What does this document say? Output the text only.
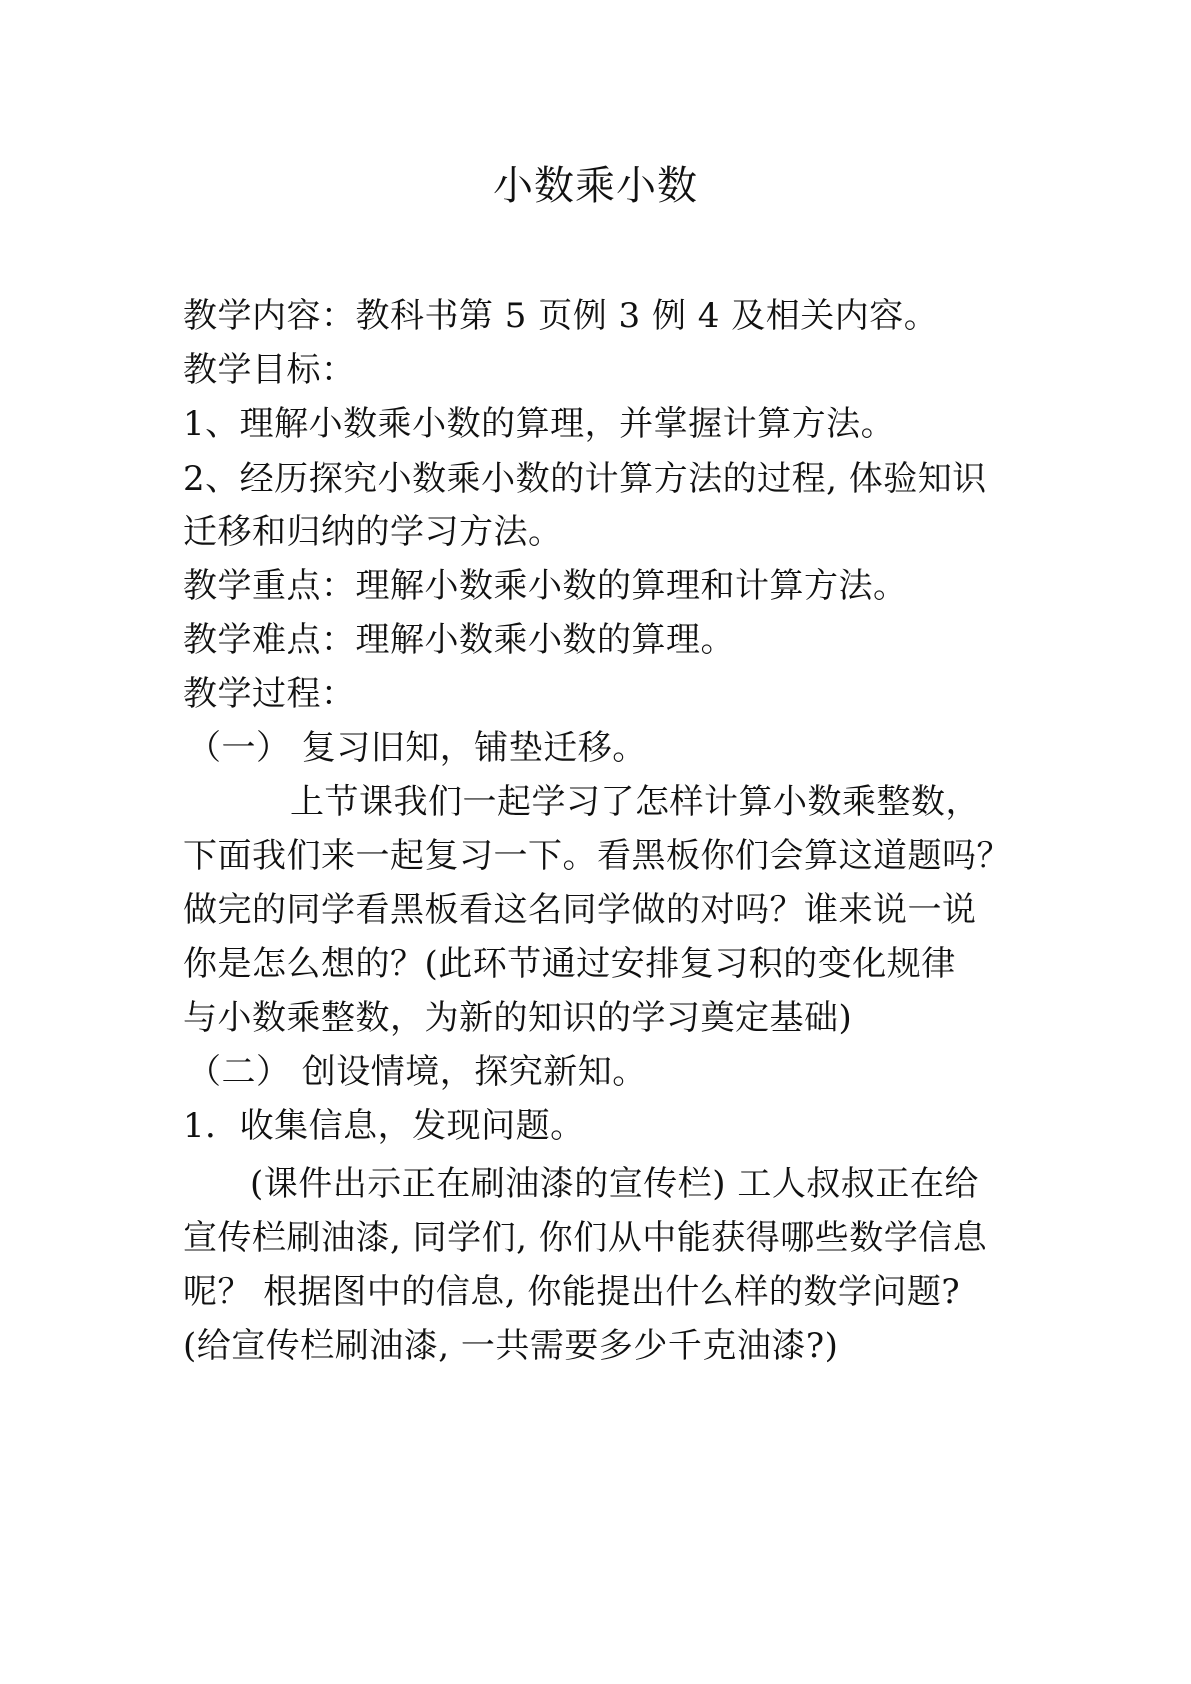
小数乘小数
教学内容：教科书第 5 页例 3 例 4 及相关内容。
教学目标：
1、理解小数乘小数的算理，并掌握计算方法。
2、经历探究小数乘小数的计算方法的过程, 体验知识
迁移和归纳的学习方法。
教学重点：理解小数乘小数的算理和计算方法。
教学难点：理解小数乘小数的算理。
教学过程：
（一） 复习旧知，铺垫迁移。
上节课我们一起学习了怎样计算小数乘整数，
下面我们来一起复习一下。看黑板你们会算这道题吗？
做完的同学看黑板看这名同学做的对吗？谁来说一说
你是怎么想的？(此环节通过安排复习积的变化规律
与小数乘整数，为新的知识的学习奠定基础)
（二） 创设情境，探究新知。
1．收集信息，发现问题。
(课件出示正在刷油漆的宣传栏) 工人叔叔正在给
宣传栏刷油漆, 同学们, 你们从中能获得哪些数学信息
呢？ 根据图中的信息, 你能提出什么样的数学问题?
(给宣传栏刷油漆, 一共需要多少千克油漆?)
